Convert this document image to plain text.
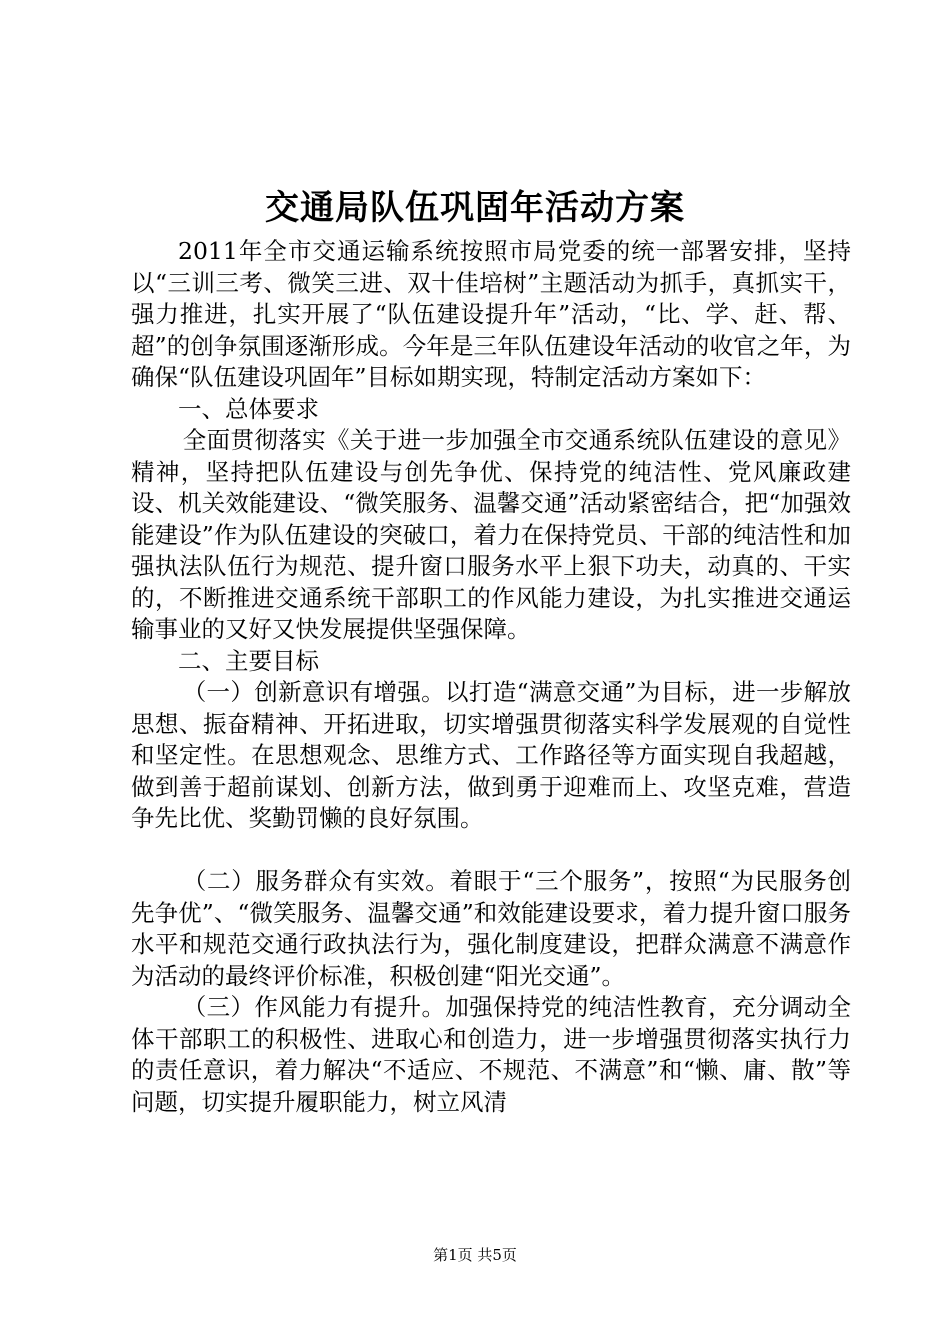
交通局队伍巩固年活动方案

2011年全市交通运输系统按照市局党委的统一部署安排，坚持以“三训三考、微笑三进、双十佳培树”主题活动为抓手，真抓实干，强力推进，扎实开展了“队伍建设提升年”活动，“比、学、赶、帮、超”的创争氛围逐渐形成。今年是三年队伍建设年活动的收官之年，为确保“队伍建设巩固年”目标如期实现，特制定活动方案如下：

一、总体要求

全面贯彻落实《关于进一步加强全市交通系统队伍建设的意见》精神，坚持把队伍建设与创先争优、保持党的纯洁性、党风廉政建设、机关效能建设、“微笑服务、温馨交通”活动紧密结合，把“加强效能建设”作为队伍建设的突破口，着力在保持党员、干部的纯洁性和加强执法队伍行为规范、提升窗口服务水平上狠下功夫，动真的、干实的，不断推进交通系统干部职工的作风能力建设，为扎实推进交通运输事业的又好又快发展提供坚强保障。

二、主要目标

（一）创新意识有增强。以打造“满意交通”为目标，进一步解放思想、振奋精神、开拓进取，切实增强贯彻落实科学发展观的自觉性和坚定性。在思想观念、思维方式、工作路径等方面实现自我超越，做到善于超前谋划、创新方法，做到勇于迎难而上、攻坚克难，营造争先比优、奖勤罚懒的良好氛围。

（二）服务群众有实效。着眼于“三个服务”，按照“为民服务创先争优”、“微笑服务、温馨交通”和效能建设要求，着力提升窗口服务水平和规范交通行政执法行为，强化制度建设，把群众满意不满意作为活动的最终评价标准，积极创建“阳光交通”。

（三）作风能力有提升。加强保持党的纯洁性教育，充分调动全体干部职工的积极性、进取心和创造力，进一步增强贯彻落实执行力的责任意识，着力解决“不适应、不规范、不满意”和“懒、庸、散”等问题，切实提升履职能力，树立风清

第1页 共5页
